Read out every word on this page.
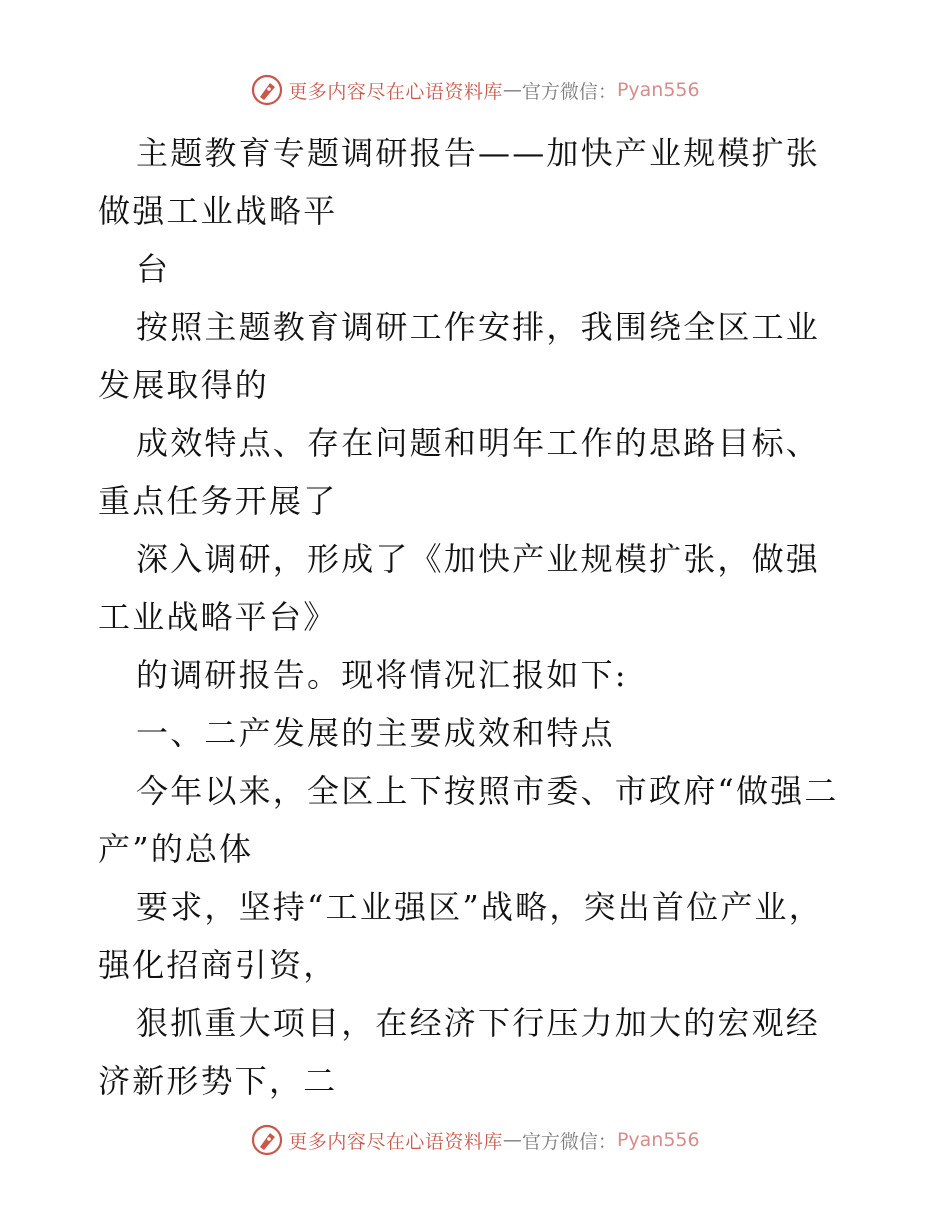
更多内容尽在心语资料库 — 官方微信： Pyan556

主题教育专题调研报告——加快产业规模扩张做强工业战略平

台

按照主题教育调研工作安排，我围绕全区工业发展取得的

成效特点、存在问题和明年工作的思路目标、重点任务开展了

深入调研，形成了《加快产业规模扩张，做强工业战略平台》

的调研报告。现将情况汇报如下:

一、二产发展的主要成效和特点

今年以来，全区上下按照市委、市政府“做强二产”的总体

要求，坚持“工业强区”战略，突出首位产业，强化招商引资，

狠抓重大项目，在经济下行压力加大的宏观经济新形势下，二

更多内容尽在心语资料库 — 官方微信： Pyan556
